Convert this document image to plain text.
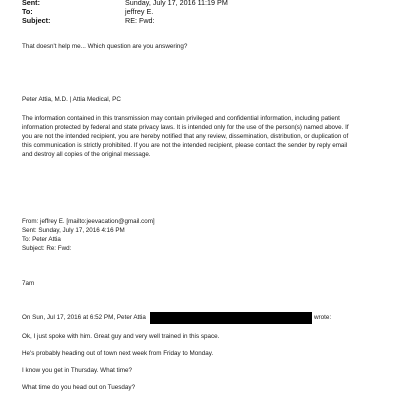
Sent:	Sunday, July 17, 2016 11:19 PM
To:	jeffrey E.
Subject:	RE: Fwd:
That doesn't help me... Which question are you answering?
Peter Attia, M.D. | Attia Medical, PC
The information contained in this transmission may contain privileged and confidential information, including patient
information protected by federal and state privacy laws. It is intended only for the use of the person(s) named above. If
you are not the intended recipient, you are hereby notified that any review, dissemination, distribution, or duplication of
this communication is strictly prohibited. If you are not the intended recipient, please contact the sender by reply email
and destroy all copies of the original message.
From: jeffrey E. [mailto:jeevacation@gmail.com]
Sent: Sunday, July 17, 2016 4:16 PM
To: Peter Attia
Subject: Re: Fwd:
7am
On Sun, Jul 17, 2016 at 6:52 PM, Peter Attia	wrote:
Ok, I just spoke with him. Great guy and very well trained in this space.
He's probably heading out of town next week from Friday to Monday.
I know you get in Thursday. What time?
What time do you head out on Tuesday?
